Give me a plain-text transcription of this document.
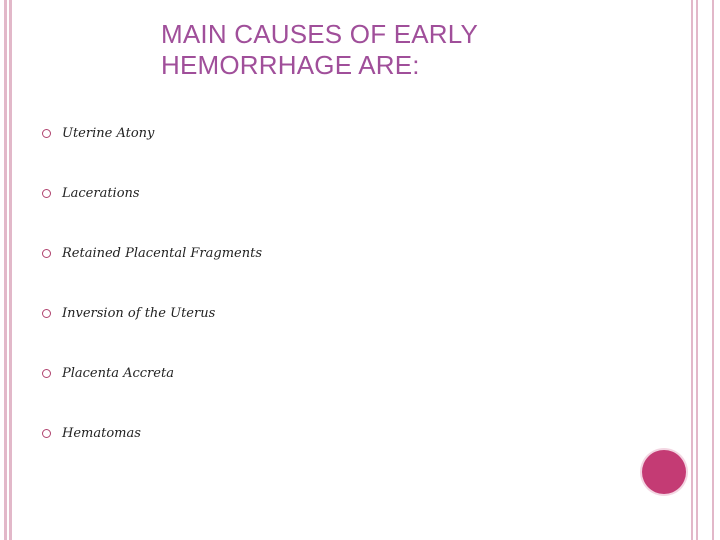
MAIN CAUSES OF EARLY
HEMORRHAGE ARE:
Uterine Atony
Lacerations
Retained Placental Fragments
Inversion of the Uterus
Placenta Accreta
Hematomas
